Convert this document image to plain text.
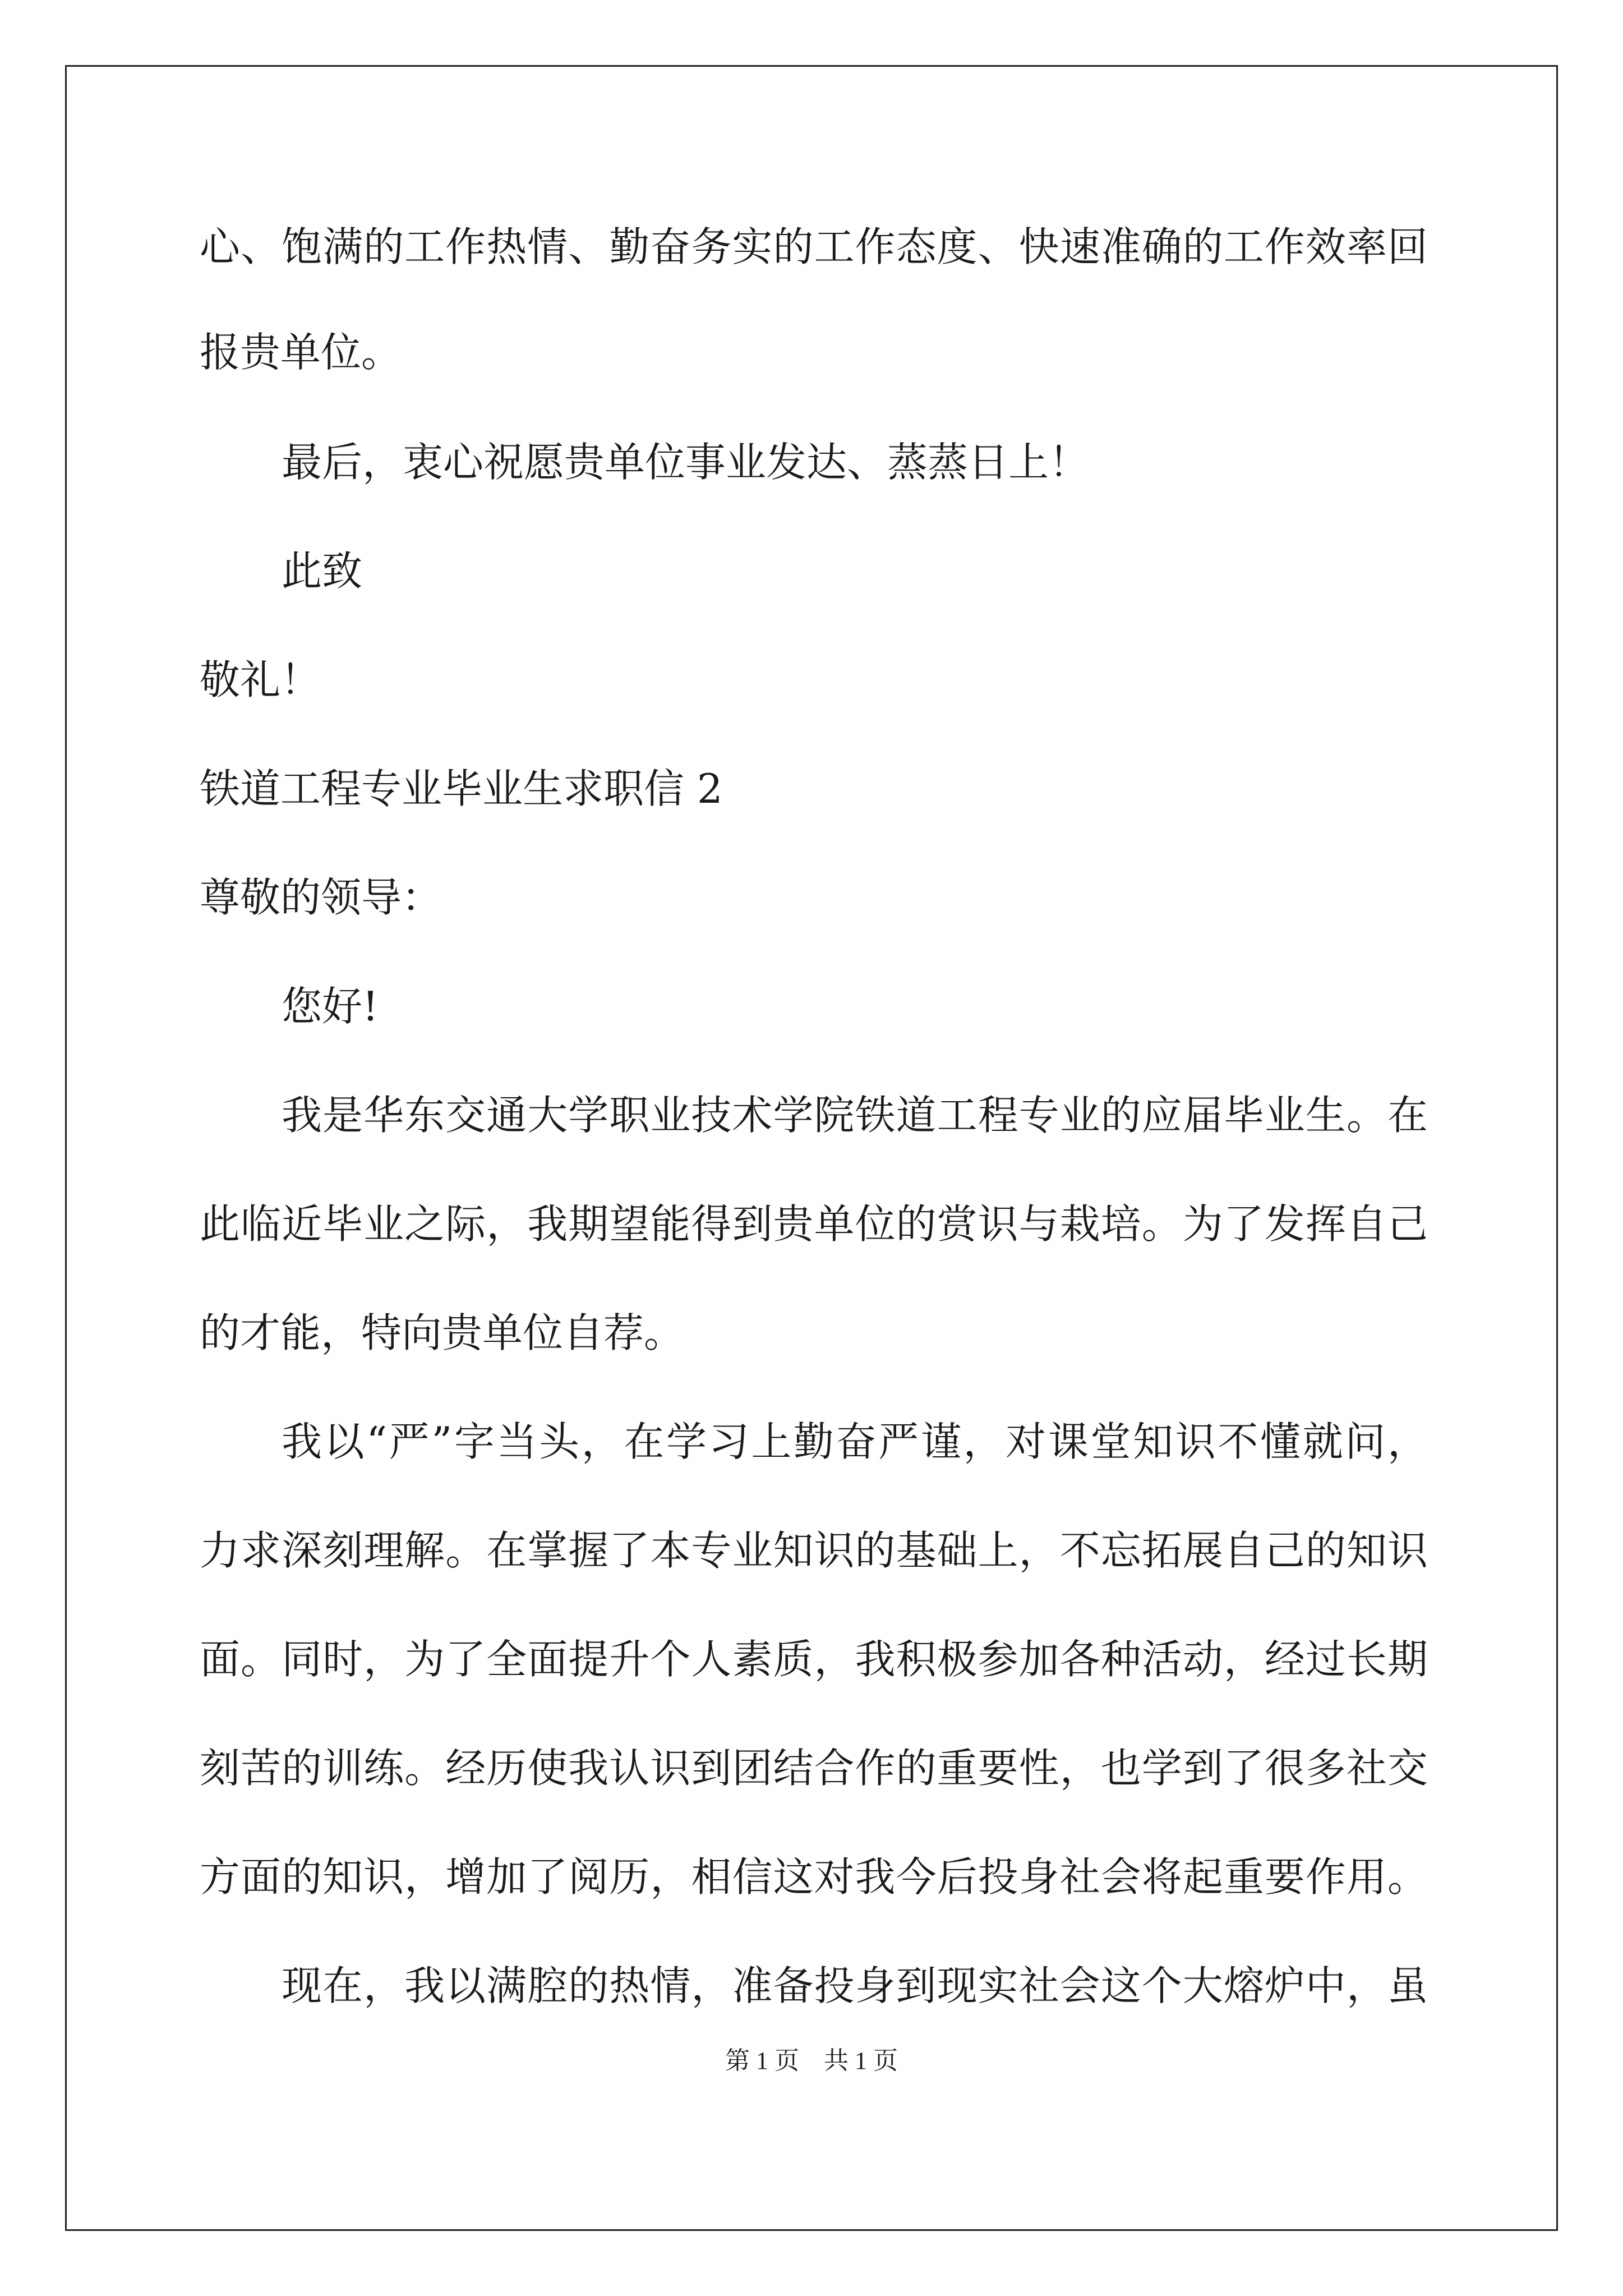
心、饱满的工作热情、勤奋务实的工作态度、快速准确的工作效率回
报贵单位。
最后，衷心祝愿贵单位事业发达、蒸蒸日上！
此致
敬礼！
铁道工程专业毕业生求职信 2
尊敬的领导：
您好!
我是华东交通大学职业技术学院铁道工程专业的应届毕业生。在
此临近毕业之际，我期望能得到贵单位的赏识与栽培。为了发挥自己
的才能，特向贵单位自荐。
我以“严”字当头，在学习上勤奋严谨，对课堂知识不懂就问，
力求深刻理解。在掌握了本专业知识的基础上，不忘拓展自己的知识
面。同时，为了全面提升个人素质，我积极参加各种活动，经过长期
刻苦的训练。经历使我认识到团结合作的重要性，也学到了很多社交
方面的知识，增加了阅历，相信这对我今后投身社会将起重要作用。
现在，我以满腔的热情，准备投身到现实社会这个大熔炉中，虽
第 1 页　共 1 页
